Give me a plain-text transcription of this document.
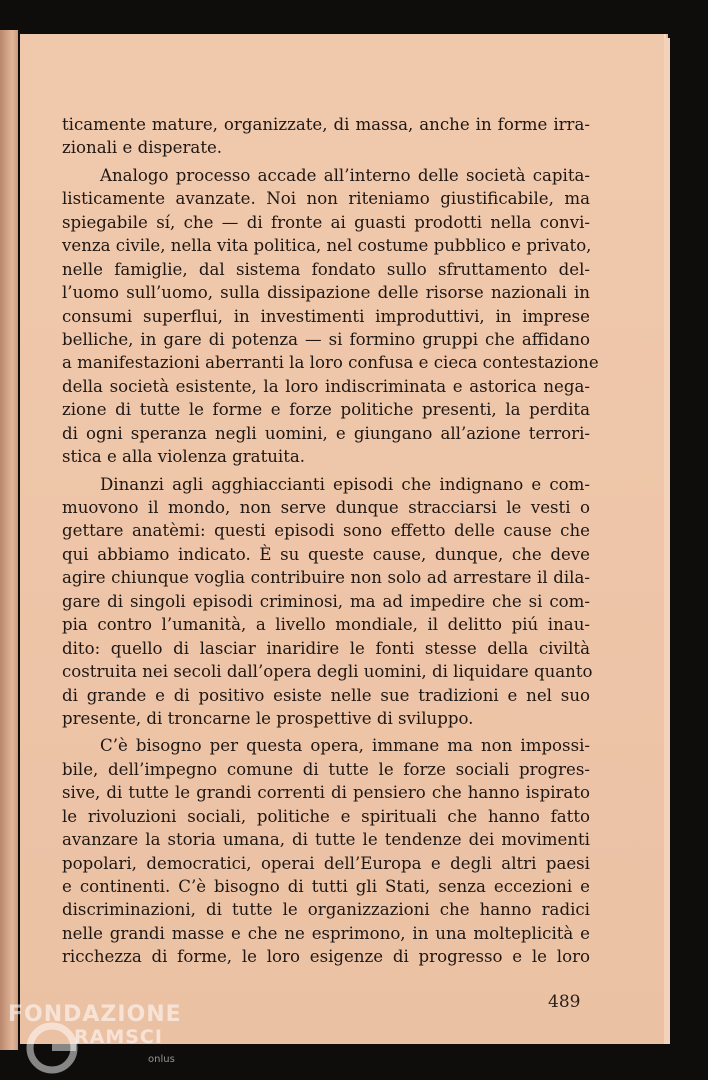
ticamente mature, organizzate, di massa, anche in forme irra-
zionali e disperate.
Analogo processo accade all’interno delle società capita-
listicamente avanzate. Noi non riteniamo giustificabile, ma
spiegabile sí, che — di fronte ai guasti prodotti nella convi-
venza civile, nella vita politica, nel costume pubblico e privato,
nelle famiglie, dal sistema fondato sullo sfruttamento del-
l’uomo sull’uomo, sulla dissipazione delle risorse nazionali in
consumi superflui, in investimenti improduttivi, in imprese
belliche, in gare di potenza — si formino gruppi che affidano
a manifestazioni aberranti la loro confusa e cieca contestazione
della società esistente, la loro indiscriminata e astorica nega-
zione di tutte le forme e forze politiche presenti, la perdita
di ogni speranza negli uomini, e giungano all’azione terrori-
stica e alla violenza gratuita.
Dinanzi agli agghiaccianti episodi che indignano e com-
muovono il mondo, non serve dunque stracciarsi le vesti o
gettare anatèmi: questi episodi sono effetto delle cause che
qui abbiamo indicato. È su queste cause, dunque, che deve
agire chiunque voglia contribuire non solo ad arrestare il dila-
gare di singoli episodi criminosi, ma ad impedire che si com-
pia contro l’umanità, a livello mondiale, il delitto piú inau-
dito: quello di lasciar inaridire le fonti stesse della civiltà
costruita nei secoli dall’opera degli uomini, di liquidare quanto
di grande e di positivo esiste nelle sue tradizioni e nel suo
presente, di troncarne le prospettive di sviluppo.
C’è bisogno per questa opera, immane ma non impossi-
bile, dell’impegno comune di tutte le forze sociali progres-
sive, di tutte le grandi correnti di pensiero che hanno ispirato
le rivoluzioni sociali, politiche e spirituali che hanno fatto
avanzare la storia umana, di tutte le tendenze dei movimenti
popolari, democratici, operai dell’Europa e degli altri paesi
e continenti. C’è bisogno di tutti gli Stati, senza eccezioni e
discriminazioni, di tutte le organizzazioni che hanno radici
nelle grandi masse e che ne esprimono, in una molteplicità e
ricchezza di forme, le loro esigenze di progresso e le loro
489
FONDAZIONE
RAMSCI
onlus
